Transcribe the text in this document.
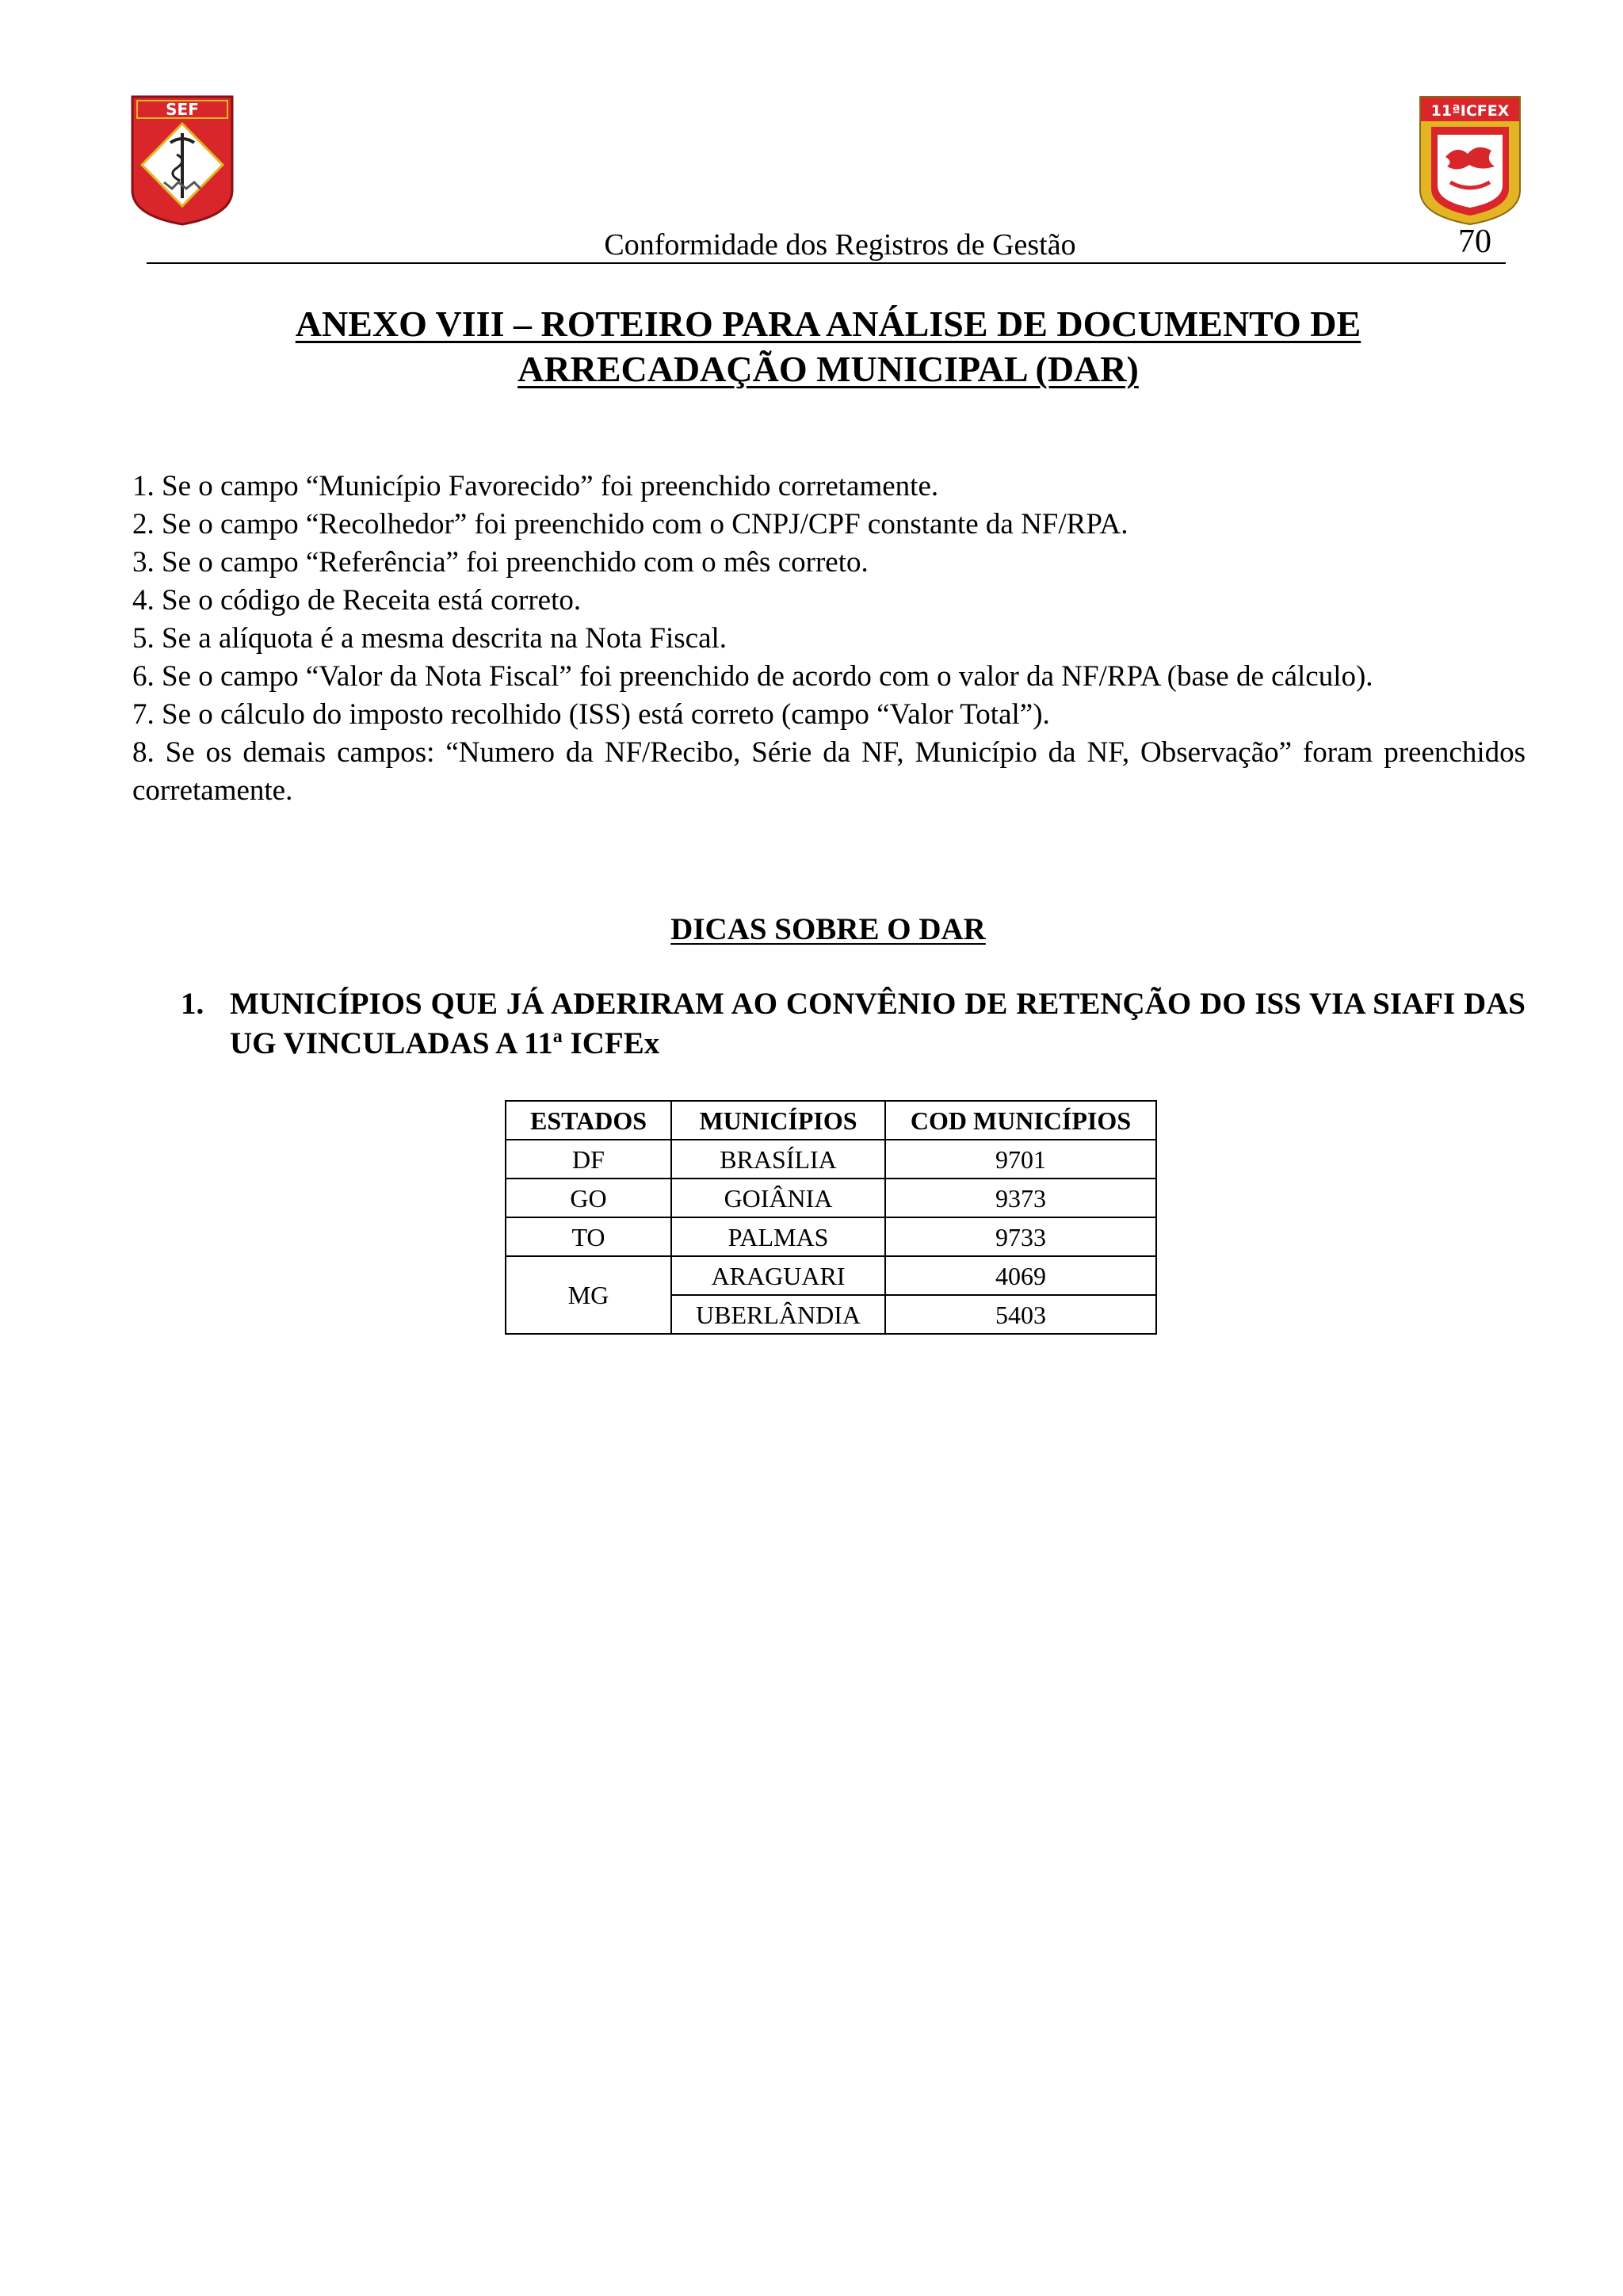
SEF	11ªICFEX
Conformidade dos Registros de Gestão	70
ANEXO VIII – ROTEIRO PARA ANÁLISE DE DOCUMENTO DE
ARRECADAÇÃO MUNICIPAL (DAR)

1. Se o campo “Município Favorecido” foi preenchido corretamente.

2. Se o campo “Recolhedor” foi preenchido com o CNPJ/CPF constante da NF/RPA.

3. Se o campo “Referência” foi preenchido com o mês correto.

4. Se o código de Receita está correto.

5. Se a alíquota é a mesma descrita na Nota Fiscal.

6. Se o campo “Valor da Nota Fiscal” foi preenchido de acordo com o valor da NF/RPA (base de cálculo).

7. Se o cálculo do imposto recolhido (ISS) está correto (campo “Valor Total”).

8. Se os demais campos: “Numero da NF/Recibo, Série da NF, Município da NF, Observação” foram preenchidos corretamente.

DICAS SOBRE O DAR
1. MUNICÍPIOS QUE JÁ ADERIRAM AO CONVÊNIO DE RETENÇÃO DO ISS VIA SIAFI DAS UG VINCULADAS A 11$^a$ ICFEx
ESTADOS	MUNICÍPIOS	COD MUNICÍPIOS
DF	BRASÍLIA	9701
GO	GOIÂNIA	9373
TO	PALMAS	9733
MG	ARAGUARI	4069
	UBERLÂNDIA	5403
